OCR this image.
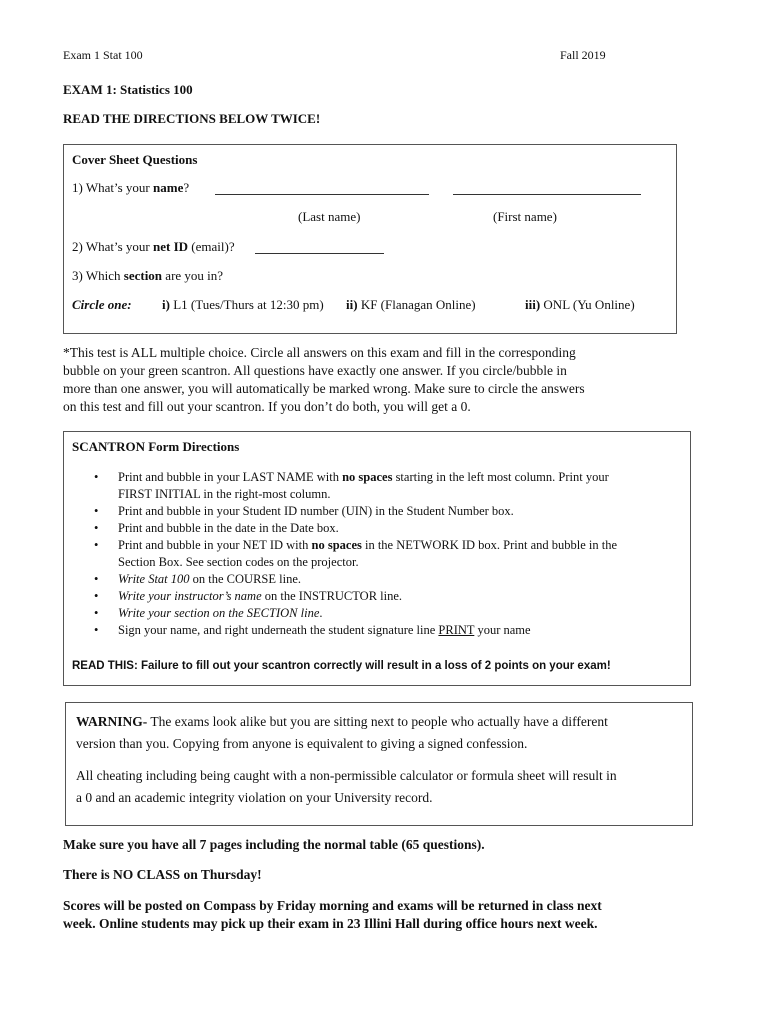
Exam 1 Stat 100	Fall 2019
EXAM 1: Statistics 100
READ THE DIRECTIONS BELOW TWICE!
Cover Sheet Questions
1) What’s your name?
(Last name)	(First name)
2) What’s your net ID (email)?
3) Which section are you in?
Circle one: i) L1 (Tues/Thurs at 12:30 pm) ii) KF (Flanagan Online)	iii) ONL (Yu Online)
*This test is ALL multiple choice. Circle all answers on this exam and fill in the corresponding
bubble on your green scantron. All questions have exactly one answer. If you circle/bubble in
more than one answer, you will automatically be marked wrong. Make sure to circle the answers
on this test and fill out your scantron. If you don’t do both, you will get a 0.
SCANTRON Form Directions
• Print and bubble in your LAST NAME with no spaces starting in the left most column. Print your
FIRST INITIAL in the right-most column.
• Print and bubble in your Student ID number (UIN) in the Student Number box.
• Print and bubble in the date in the Date box.
• Print and bubble in your NET ID with no spaces in the NETWORK ID box. Print and bubble in the
Section Box. See section codes on the projector.
• Write Stat 100 on the COURSE line.
• Write your instructor’s name on the INSTRUCTOR line.
• Write your section on the SECTION line.
• Sign your name, and right underneath the student signature line PRINT your name
READ THIS: Failure to fill out your scantron correctly will result in a loss of 2 points on your exam!
WARNING- The exams look alike but you are sitting next to people who actually have a different
version than you. Copying from anyone is equivalent to giving a signed confession.
All cheating including being caught with a non-permissible calculator or formula sheet will result in
a 0 and an academic integrity violation on your University record.
Make sure you have all 7 pages including the normal table (65 questions).
There is NO CLASS on Thursday!
Scores will be posted on Compass by Friday morning and exams will be returned in class next
week. Online students may pick up their exam in 23 Illini Hall during office hours next week.
